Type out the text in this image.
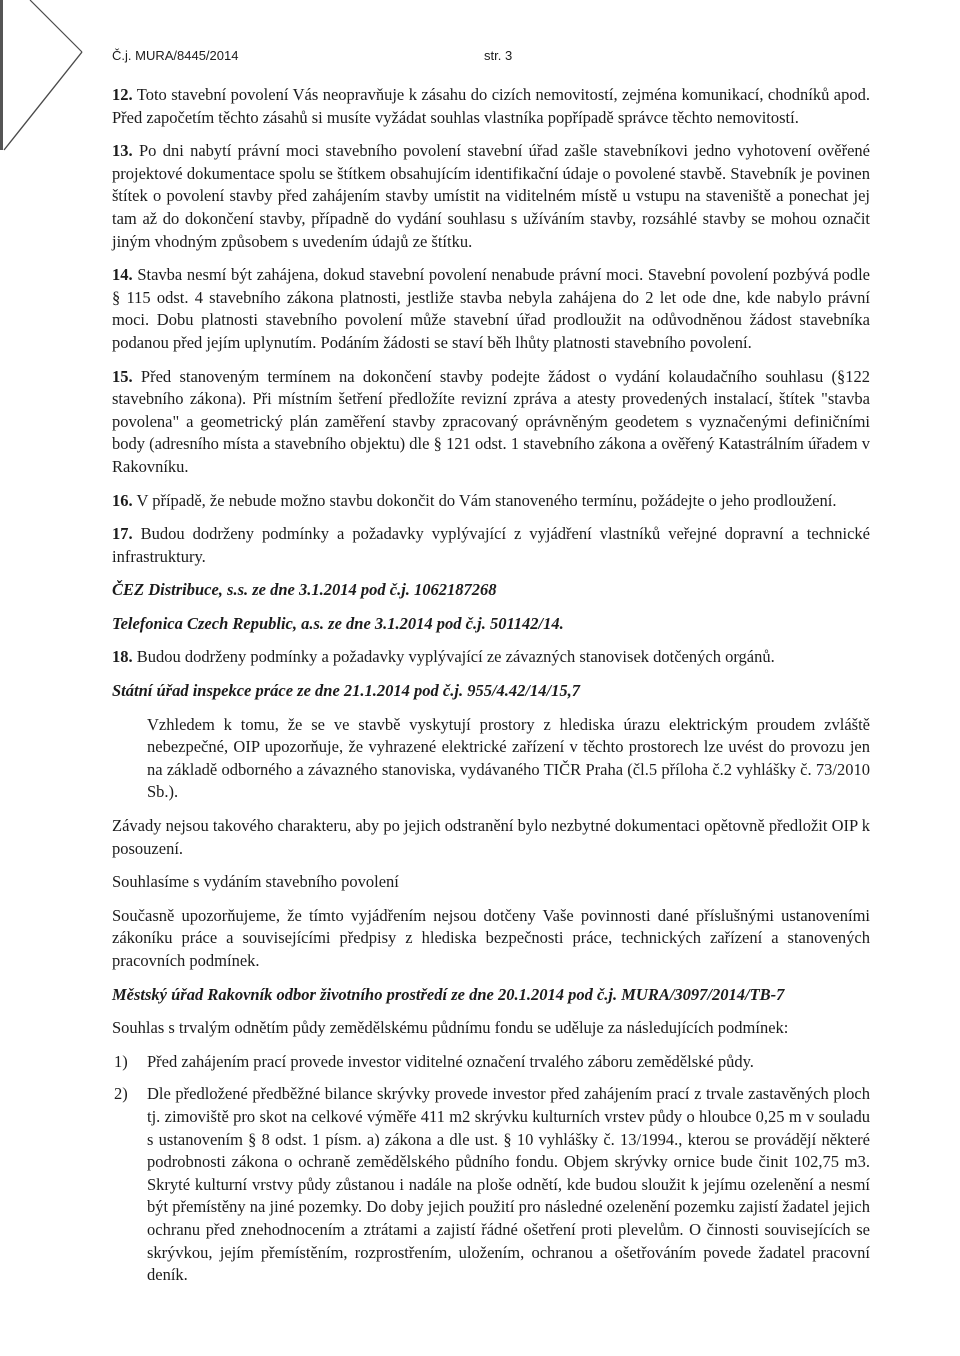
Č.j. MURA/8445/2014	str. 3

12. Toto stavební povolení Vás neopravňuje k zásahu do cizích nemovitostí, zejména komunikací, chodníků apod. Před započetím těchto zásahů si musíte vyžádat souhlas vlastníka popřípadě správce těchto nemovitostí.

13. Po dni nabytí právní moci stavebního povolení stavební úřad zašle stavebníkovi jedno vyhotovení ověřené projektové dokumentace spolu se štítkem obsahujícím identifikační údaje o povolené stavbě. Stavebník je povinen štítek o povolení stavby před zahájením stavby umístit na viditelném místě u vstupu na staveniště a ponechat jej tam až do dokončení stavby, případně do vydání souhlasu s užíváním stavby, rozsáhlé stavby se mohou označit jiným vhodným způsobem s uvedením údajů ze štítku.

14. Stavba nesmí být zahájena, dokud stavební povolení nenabude právní moci. Stavební povolení pozbývá podle § 115 odst. 4 stavebního zákona platnosti, jestliže stavba nebyla zahájena do 2 let ode dne, kde nabylo právní moci. Dobu platnosti stavebního povolení může stavební úřad prodloužit na odůvodněnou žádost stavebníka podanou před jejím uplynutím. Podáním žádosti se staví běh lhůty platnosti stavebního povolení.

15. Před stanoveným termínem na dokončení stavby podejte žádost o vydání kolaudačního souhlasu (§122 stavebního zákona). Při místním šetření předložíte revizní zpráva a atesty provedených instalací, štítek "stavba povolena" a geometrický plán zaměření stavby zpracovaný oprávněným geodetem s vyznačenými definičními body (adresního místa a stavebního objektu) dle § 121 odst. 1 stavebního zákona a ověřený Katastrálním úřadem v Rakovníku.

16. V případě, že nebude možno stavbu dokončit do Vám stanoveného termínu, požádejte o jeho prodloužení.

17. Budou dodrženy podmínky a požadavky vyplývající z vyjádření vlastníků veřejné dopravní a technické infrastruktury.

ČEZ Distribuce, s.s. ze dne 3.1.2014 pod č.j. 1062187268

Telefonica Czech Republic, a.s. ze dne 3.1.2014 pod č.j. 501142/14.

18. Budou dodrženy podmínky a požadavky vyplývající ze závazných stanovisek dotčených orgánů.

Státní úřad inspekce práce ze dne 21.1.2014 pod č.j. 955/4.42/14/15,7

Vzhledem k tomu, že se ve stavbě vyskytují prostory z hlediska úrazu elektrickým proudem zvláště nebezpečné, OIP upozorňuje, že vyhrazené elektrické zařízení v těchto prostorech lze uvést do provozu jen na základě odborného a závazného stanoviska, vydávaného TIČR Praha (čl.5 příloha č.2 vyhlášky č. 73/2010 Sb.).

Závady nejsou takového charakteru, aby po jejich odstranění bylo nezbytné dokumentaci opětovně předložit OIP k posouzení.

Souhlasíme s vydáním stavebního povolení

Současně upozorňujeme, že tímto vyjádřením nejsou dotčeny Vaše povinnosti dané příslušnými ustanoveními zákoníku práce a souvisejícími předpisy z hlediska bezpečnosti práce, technických zařízení a stanovených pracovních podmínek.

Městský úřad Rakovník odbor životního prostředí ze dne 20.1.2014 pod č.j. MURA/3097/2014/TB-7

Souhlas s trvalým odnětím půdy zemědělskému půdnímu fondu se uděluje za následujících podmínek:

1)	Před zahájením prací provede investor viditelné označení trvalého záboru zemědělské půdy.
2)	Dle předložené předběžné bilance skrývky provede investor před zahájením prací z trvale zastavěných ploch tj. zimoviště pro skot na celkové výměře 411 m2 skrývku kulturních vrstev půdy o hloubce 0,25 m v souladu s ustanovením § 8 odst. 1 písm. a) zákona a dle ust. § 10 vyhlášky č. 13/1994., kterou se provádějí některé podrobnosti zákona o ochraně zemědělského půdního fondu. Objem skrývky ornice bude činit 102,75 m3. Skryté kulturní vrstvy půdy zůstanou i nadále na ploše odnětí, kde budou sloužit k jejímu ozelenění a nesmí být přemístěny na jiné pozemky. Do doby jejich použití pro následné ozelenění pozemku zajistí žadatel jejich ochranu před znehodnocením a ztrátami a zajistí řádné ošetření proti plevelům. O činnosti souvisejících se skrývkou, jejím přemístěním, rozprostřením, uložením, ochranou a ošetřováním povede žadatel pracovní deník.
